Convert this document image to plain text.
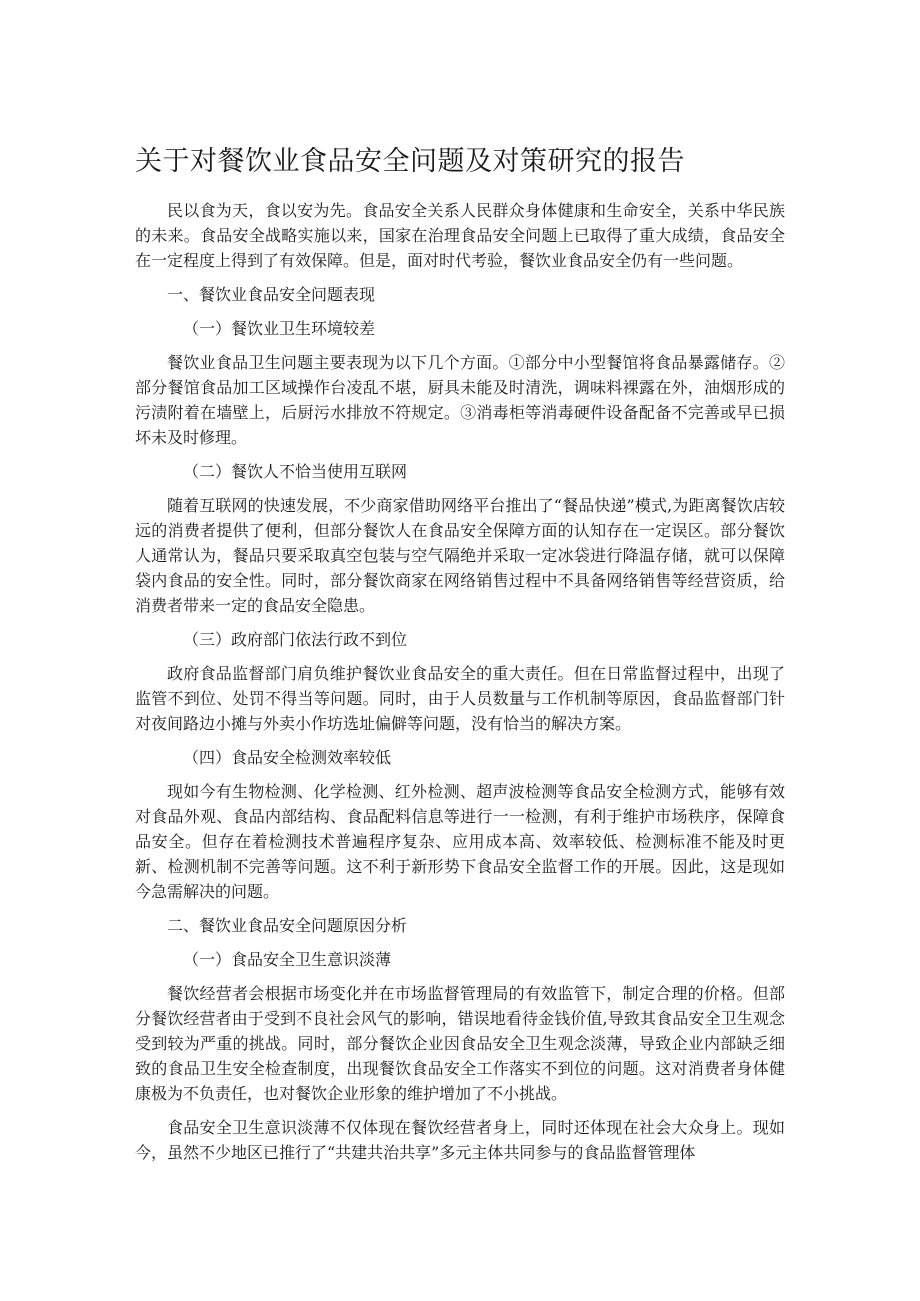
关于对餐饮业食品安全问题及对策研究的报告

民以食为天，食以安为先。食品安全关系人民群众身体健康和生命安全，关系中华民族的未来。食品安全战略实施以来，国家在治理食品安全问题上已取得了重大成绩，食品安全在一定程度上得到了有效保障。但是，面对时代考验，餐饮业食品安全仍有一些问题。

一、餐饮业食品安全问题表现

（一）餐饮业卫生环境较差

餐饮业食品卫生问题主要表现为以下几个方面。①部分中小型餐馆将食品暴露储存。②部分餐馆食品加工区域操作台凌乱不堪，厨具未能及时清洗，调味料裸露在外，油烟形成的污渍附着在墙壁上，后厨污水排放不符规定。③消毒柜等消毒硬件设备配备不完善或早已损坏未及时修理。

（二）餐饮人不恰当使用互联网

随着互联网的快速发展，不少商家借助网络平台推出了“餐品快递”模式,为距离餐饮店较远的消费者提供了便利，但部分餐饮人在食品安全保障方面的认知存在一定误区。部分餐饮人通常认为，餐品只要采取真空包装与空气隔绝并采取一定冰袋进行降温存储，就可以保障袋内食品的安全性。同时，部分餐饮商家在网络销售过程中不具备网络销售等经营资质，给消费者带来一定的食品安全隐患。

（三）政府部门依法行政不到位

政府食品监督部门肩负维护餐饮业食品安全的重大责任。但在日常监督过程中，出现了监管不到位、处罚不得当等问题。同时，由于人员数量与工作机制等原因，食品监督部门针对夜间路边小摊与外卖小作坊选址偏僻等问题，没有恰当的解决方案。

（四）食品安全检测效率较低

现如今有生物检测、化学检测、红外检测、超声波检测等食品安全检测方式，能够有效对食品外观、食品内部结构、食品配料信息等进行一一检测，有利于维护市场秩序，保障食品安全。但存在着检测技术普遍程序复杂、应用成本高、效率较低、检测标准不能及时更新、检测机制不完善等问题。这不利于新形势下食品安全监督工作的开展。因此，这是现如今急需解决的问题。

二、餐饮业食品安全问题原因分析

（一）食品安全卫生意识淡薄

餐饮经营者会根据市场变化并在市场监督管理局的有效监管下，制定合理的价格。但部分餐饮经营者由于受到不良社会风气的影响，错误地看待金钱价值,导致其食品安全卫生观念受到较为严重的挑战。同时，部分餐饮企业因食品安全卫生观念淡薄，导致企业内部缺乏细致的食品卫生安全检查制度，出现餐饮食品安全工作落实不到位的问题。这对消费者身体健康极为不负责任，也对餐饮企业形象的维护增加了不小挑战。

食品安全卫生意识淡薄不仅体现在餐饮经营者身上，同时还体现在社会大众身上。现如今，虽然不少地区已推行了“共建共治共享”多元主体共同参与的食品监督管理体
